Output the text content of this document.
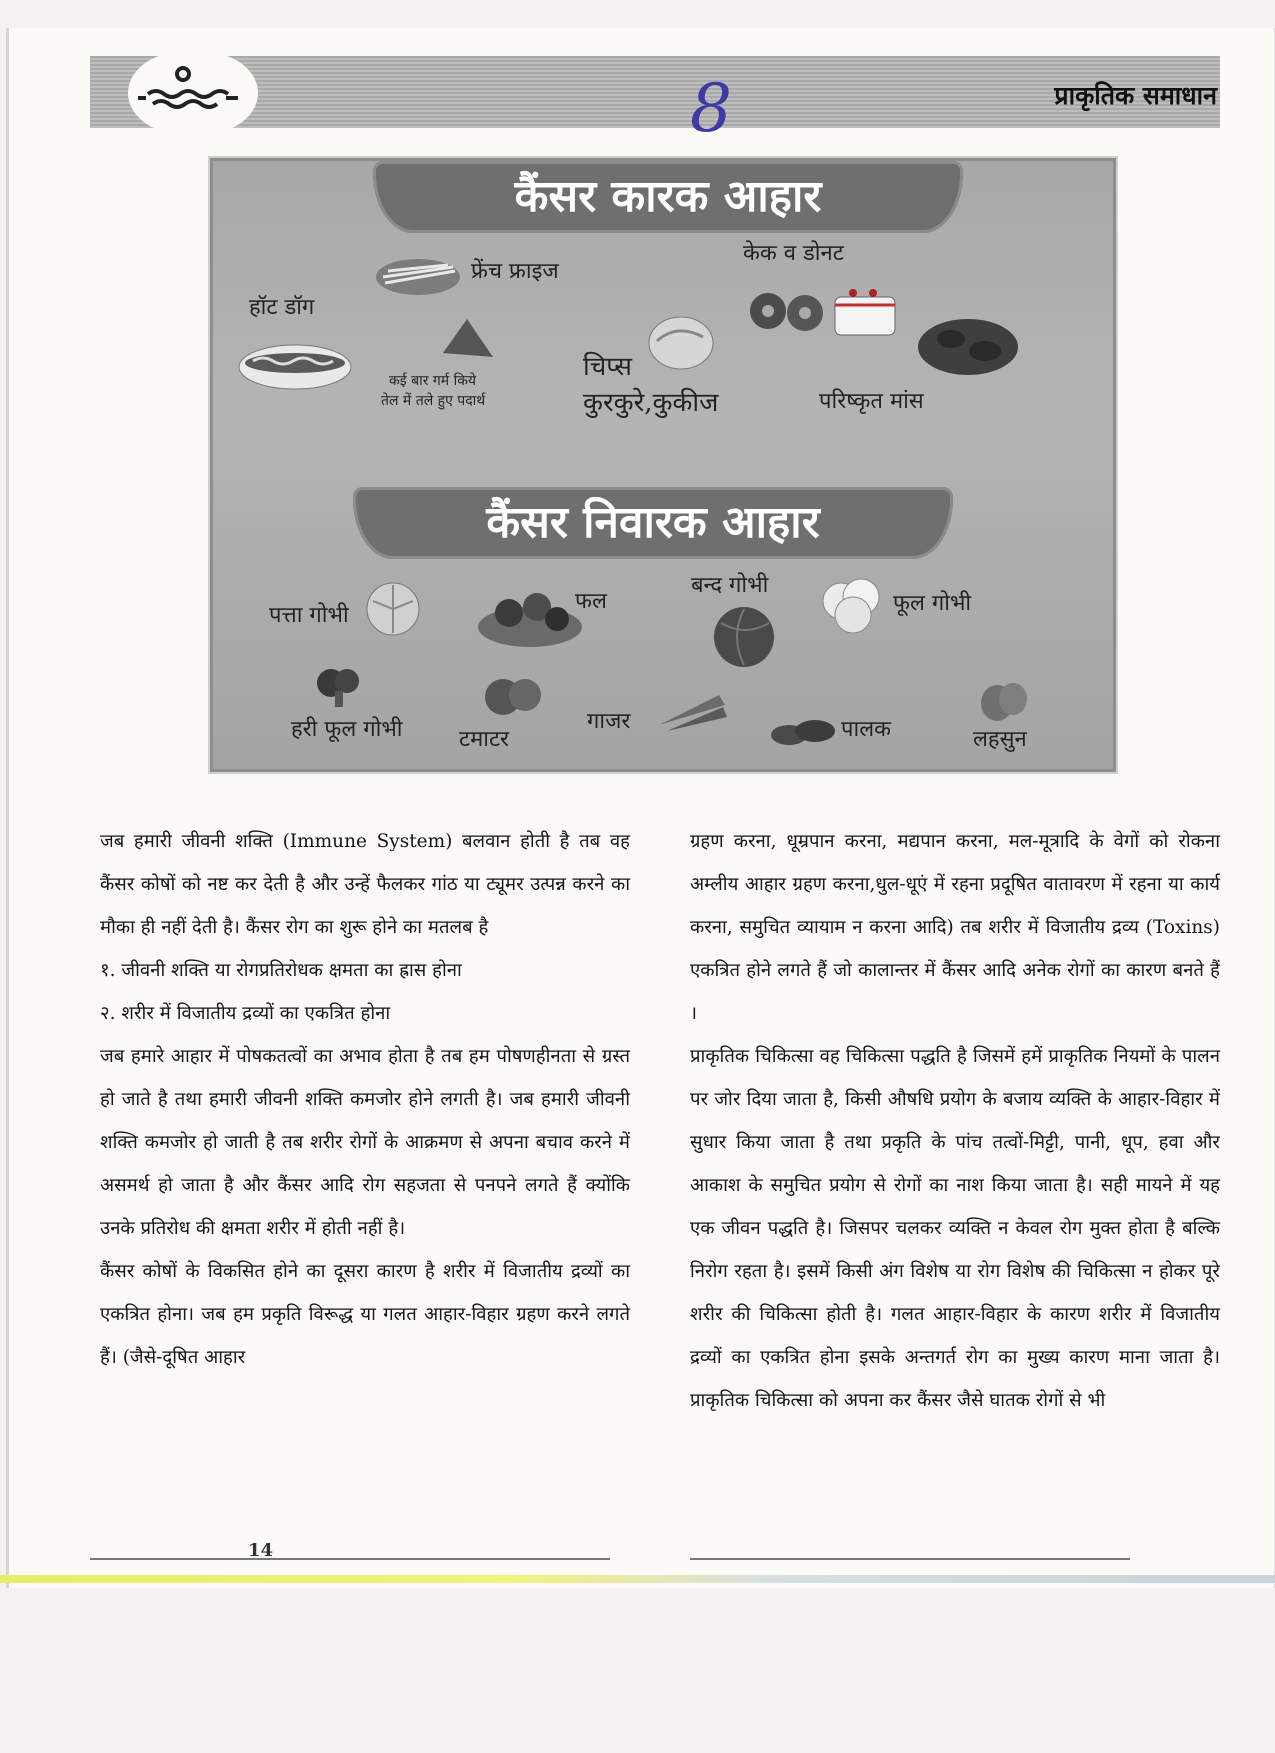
8	प्राकृतिक समाधान
कैंसर कारक आहार
फ्रेंच फ्राइज
केक व डोनट
हॉट डॉग
कई बार गर्म किये
तेल में तले हुए पदार्थ
चिप्स
कुरकुरे,कुकीज	परिष्कृत मांस
कैंसर निवारक आहार
पत्ता गोभी
फल
बन्द गोभी
फूल गोभी
हरी फूल गोभी	टमाटर
गाजर	पालक	लहसुन

जब हमारी जीवनी शक्ति (Immune System) बलवान होती है तब वह कैंसर कोषों को नष्ट कर देती है और उन्हें फैलकर गांठ या ट्यूमर उत्पन्न करने का मौका ही नहीं देती है। कैंसर रोग का शुरू होने का मतलब है

१. जीवनी शक्ति या रोगप्रतिरोधक क्षमता का ह्रास होना

२. शरीर में विजातीय द्रव्यों का एकत्रित होना

जब हमारे आहार में पोषकतत्वों का अभाव होता है तब हम पोषणहीनता से ग्रस्त हो जाते है तथा हमारी जीवनी शक्ति कमजोर होने लगती है। जब हमारी जीवनी शक्ति कमजोर हो जाती है तब शरीर रोगों के आक्रमण से अपना बचाव करने में असमर्थ हो जाता है और कैंसर आदि रोग सहजता से पनपने लगते हैं क्योंकि उनके प्रतिरोध की क्षमता शरीर में होती नहीं है।

कैंसर कोषों के विकसित होने का दूसरा कारण है शरीर में विजातीय द्रव्यों का एकत्रित होना। जब हम प्रकृति विरूद्ध या गलत आहार-विहार ग्रहण करने लगते हैं। (जैसे-दूषित आहार

ग्रहण करना, धूम्रपान करना, मद्यपान करना, मल-मूत्रादि के वेगों को रोकना अम्लीय आहार ग्रहण करना,धुल-धूएं में रहना प्रदूषित वातावरण में रहना या कार्य करना, समुचित व्यायाम न करना आदि) तब शरीर में विजातीय द्रव्य (Toxins) एकत्रित होने लगते हैं जो कालान्तर में कैंसर आदि अनेक रोगों का कारण बनते हैं ।

प्राकृतिक चिकित्सा वह चिकित्सा पद्धति है जिसमें हमें प्राकृतिक नियमों के पालन पर जोर दिया जाता है, किसी औषधि प्रयोग के बजाय व्यक्ति के आहार-विहार में सुधार किया जाता है तथा प्रकृति के पांच तत्वों-मिट्टी, पानी, धूप, हवा और आकाश के समुचित प्रयोग से रोगों का नाश किया जाता है। सही मायने में यह एक जीवन पद्धति है। जिसपर चलकर व्यक्ति न केवल रोग मुक्त होता है बल्कि निरोग रहता है। इसमें किसी अंग विशेष या रोग विशेष की चिकित्सा न होकर पूरे शरीर की चिकित्सा होती है। गलत आहार-विहार के कारण शरीर में विजातीय द्रव्यों का एकत्रित होना इसके अन्तगर्त रोग का मुख्य कारण माना जाता है। प्राकृतिक चिकित्सा को अपना कर कैंसर जैसे घातक रोगों से भी

14
